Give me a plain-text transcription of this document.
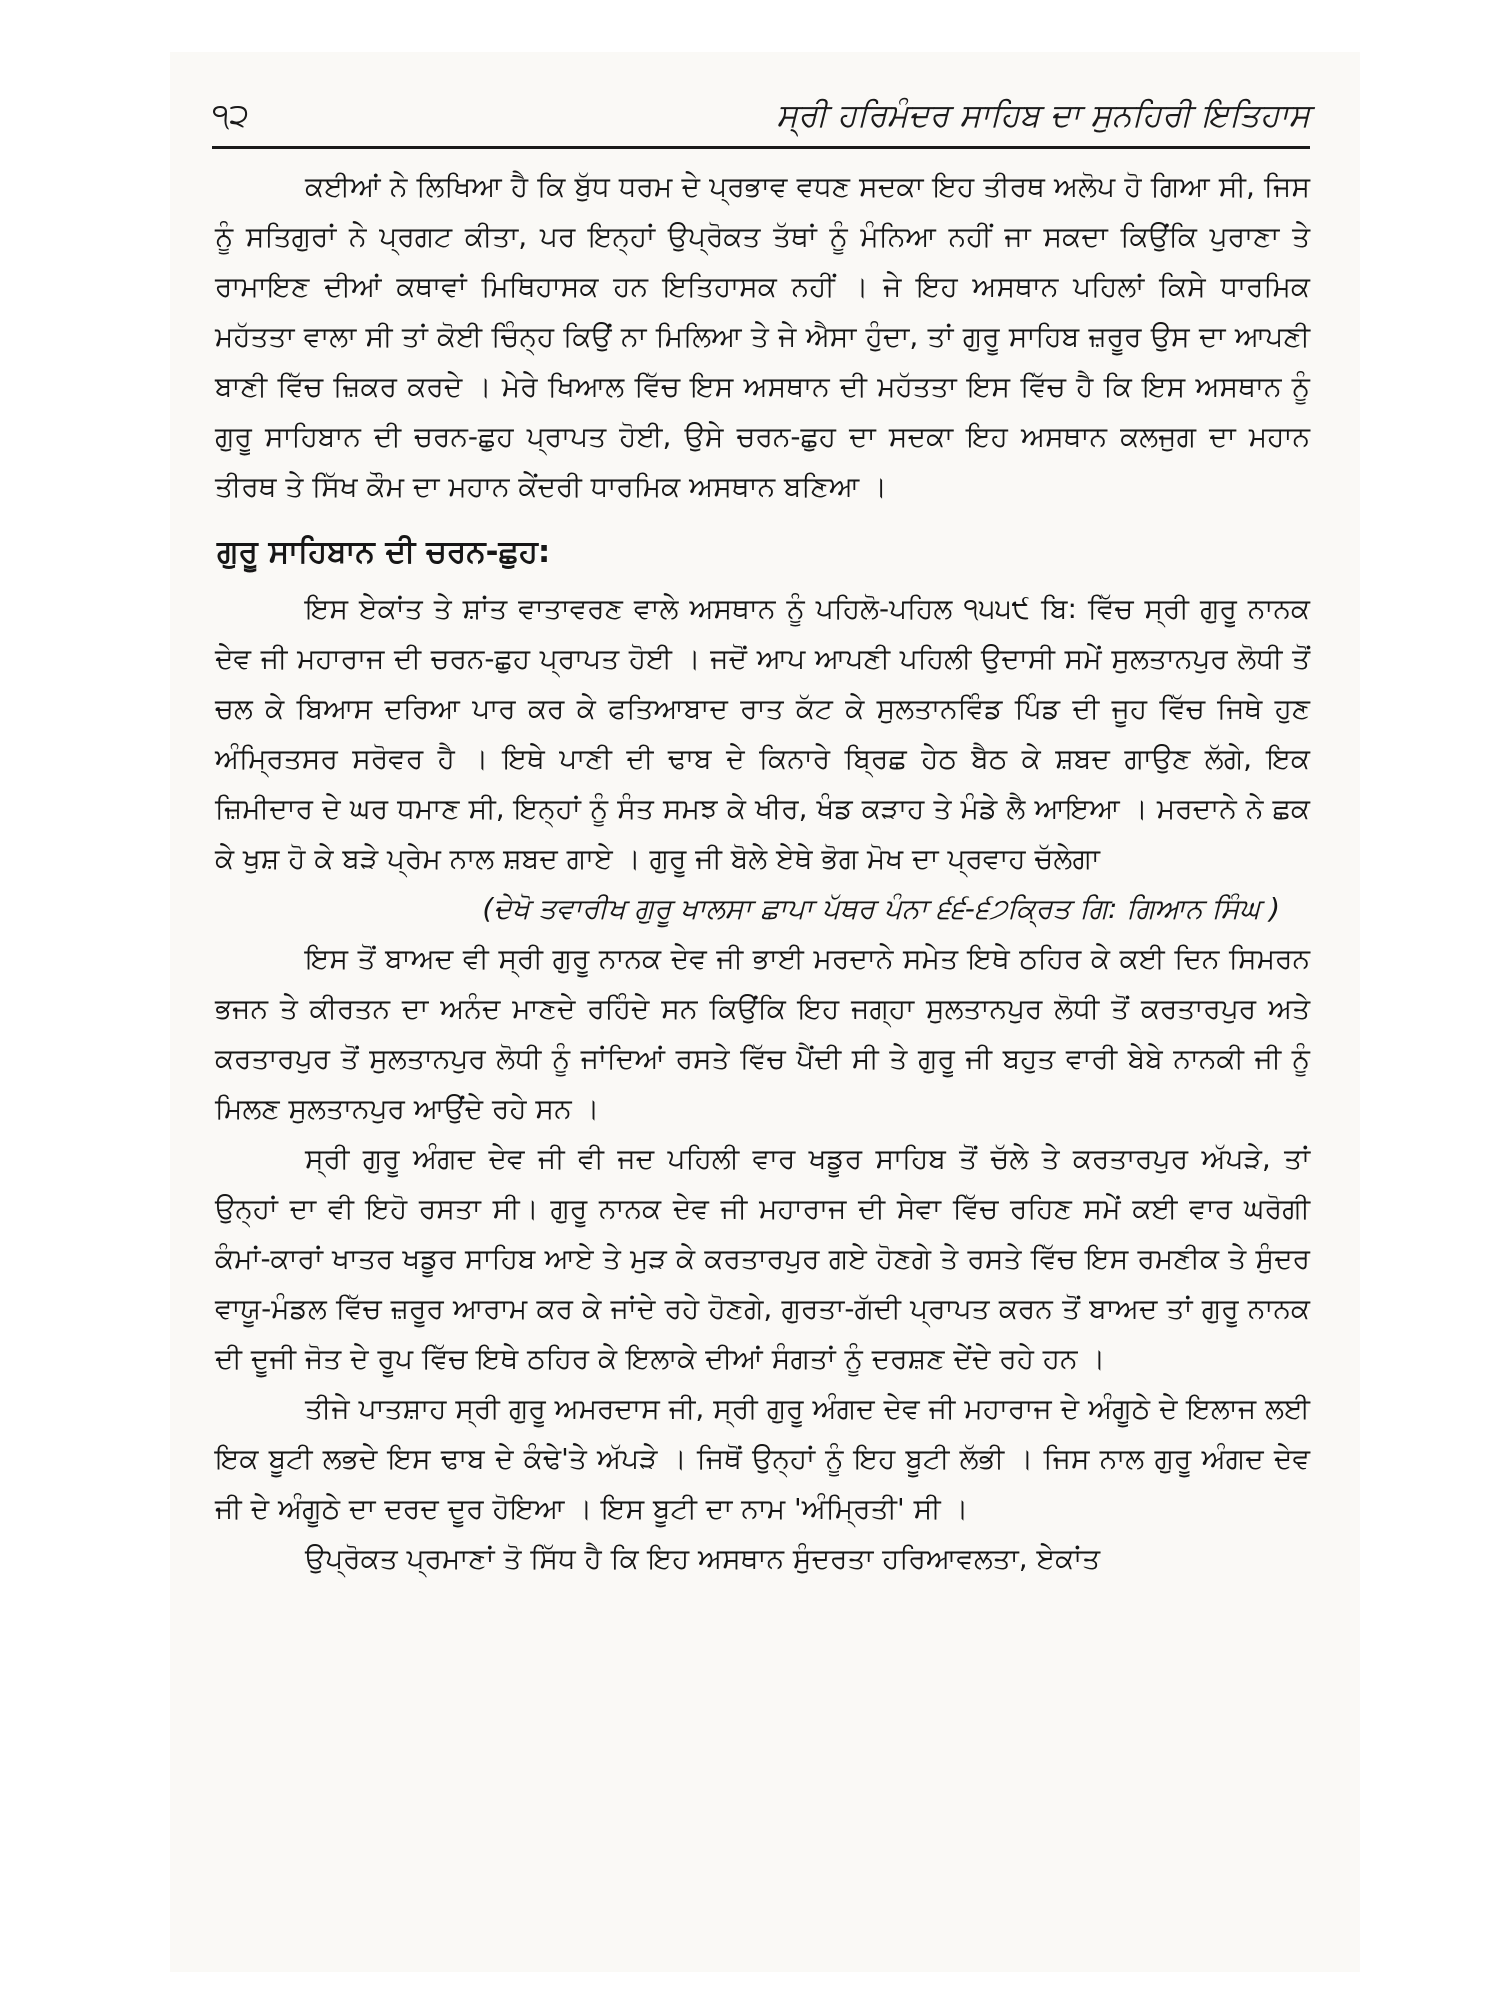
੧੨	ਸ੍ਰੀ ਹਰਿਮੰਦਰ ਸਾਹਿਬ ਦਾ ਸੁਨਹਿਰੀ ਇਤਿਹਾਸ

ਕਈਆਂ ਨੇ ਲਿਖਿਆ ਹੈ ਕਿ ਬੁੱਧ ਧਰਮ ਦੇ ਪ੍ਰਭਾਵ ਵਧਣ ਸਦਕਾ ਇਹ ਤੀਰਥ ਅਲੋਪ ਹੋ ਗਿਆ ਸੀ, ਜਿਸ ਨੂੰ ਸਤਿਗੁਰਾਂ ਨੇ ਪ੍ਰਗਟ ਕੀਤਾ, ਪਰ ਇਨ੍ਹਾਂ ਉਪ੍ਰੋਕਤ ਤੱਥਾਂ ਨੂੰ ਮੰਨਿਆ ਨਹੀਂ ਜਾ ਸਕਦਾ ਕਿਉਂਕਿ ਪੁਰਾਣਾ ਤੇ ਰਾਮਾਇਣ ਦੀਆਂ ਕਥਾਵਾਂ ਮਿਥਿਹਾਸਕ ਹਨ ਇਤਿਹਾਸਕ ਨਹੀਂ । ਜੇ ਇਹ ਅਸਥਾਨ ਪਹਿਲਾਂ ਕਿਸੇ ਧਾਰਮਿਕ ਮਹੱਤਤਾ ਵਾਲਾ ਸੀ ਤਾਂ ਕੋਈ ਚਿੰਨ੍ਹ ਕਿਉਂ ਨਾ ਮਿਲਿਆ ਤੇ ਜੇ ਐਸਾ ਹੁੰਦਾ, ਤਾਂ ਗੁਰੂ ਸਾਹਿਬ ਜ਼ਰੂਰ ਉਸ ਦਾ ਆਪਣੀ ਬਾਣੀ ਵਿੱਚ ਜ਼ਿਕਰ ਕਰਦੇ । ਮੇਰੇ ਖਿਆਲ ਵਿੱਚ ਇਸ ਅਸਥਾਨ ਦੀ ਮਹੱਤਤਾ ਇਸ ਵਿੱਚ ਹੈ ਕਿ ਇਸ ਅਸਥਾਨ ਨੂੰ ਗੁਰੂ ਸਾਹਿਬਾਨ ਦੀ ਚਰਨ-ਛੁਹ ਪ੍ਰਾਪਤ ਹੋਈ, ਉਸੇ ਚਰਨ-ਛੁਹ ਦਾ ਸਦਕਾ ਇਹ ਅਸਥਾਨ ਕਲਜੁਗ ਦਾ ਮਹਾਨ ਤੀਰਥ ਤੇ ਸਿੱਖ ਕੌਮ ਦਾ ਮਹਾਨ ਕੇਂਦਰੀ ਧਾਰਮਿਕ ਅਸਥਾਨ ਬਣਿਆ ।

ਗੁਰੂ ਸਾਹਿਬਾਨ ਦੀ ਚਰਨ-ਛੁਹ:

ਇਸ ਏਕਾਂਤ ਤੇ ਸ਼ਾਂਤ ਵਾਤਾਵਰਣ ਵਾਲੇ ਅਸਥਾਨ ਨੂੰ ਪਹਿਲੋ-ਪਹਿਲ ੧੫੫੯ ਬਿ: ਵਿੱਚ ਸ੍ਰੀ ਗੁਰੂ ਨਾਨਕ ਦੇਵ ਜੀ ਮਹਾਰਾਜ ਦੀ ਚਰਨ-ਛੁਹ ਪ੍ਰਾਪਤ ਹੋਈ । ਜਦੋਂ ਆਪ ਆਪਣੀ ਪਹਿਲੀ ਉਦਾਸੀ ਸਮੇਂ ਸੁਲਤਾਨਪੁਰ ਲੋਧੀ ਤੋਂ ਚਲ ਕੇ ਬਿਆਸ ਦਰਿਆ ਪਾਰ ਕਰ ਕੇ ਫਤਿਆਬਾਦ ਰਾਤ ਕੱਟ ਕੇ ਸੁਲਤਾਨਵਿੰਡ ਪਿੰਡ ਦੀ ਜੂਹ ਵਿੱਚ ਜਿਥੇ ਹੁਣ ਅੰਮ੍ਰਿਤਸਰ ਸਰੋਵਰ ਹੈ । ਇਥੇ ਪਾਣੀ ਦੀ ਢਾਬ ਦੇ ਕਿਨਾਰੇ ਬ੍ਰਿਛ ਹੇਠ ਬੈਠ ਕੇ ਸ਼ਬਦ ਗਾਉਣ ਲੱਗੇ, ਇਕ ਜ਼ਿਮੀਦਾਰ ਦੇ ਘਰ ਧਮਾਣ ਸੀ, ਇਨ੍ਹਾਂ ਨੂੰ ਸੰਤ ਸਮਝ ਕੇ ਖੀਰ, ਖੰਡ ਕੜਾਹ ਤੇ ਮੰਡੇ ਲੈ ਆਇਆ । ਮਰਦਾਨੇ ਨੇ ਛਕ ਕੇ ਖੁਸ਼ ਹੋ ਕੇ ਬੜੇ ਪ੍ਰੇਮ ਨਾਲ ਸ਼ਬਦ ਗਾਏ । ਗੁਰੂ ਜੀ ਬੋਲੇ ਏਥੇ ਭੋਗ ਮੋਖ ਦਾ ਪ੍ਰਵਾਹ ਚੱਲੇਗਾ

(ਦੇਖੋ ਤਵਾਰੀਖ ਗੁਰੂ ਖਾਲਸਾ ਛਾਪਾ ਪੱਥਰ ਪੰਨਾ ੬੬-੬੭ਕ੍ਰਿਤ ਗਿ: ਗਿਆਨ ਸਿੰਘ )

ਇਸ ਤੋਂ ਬਾਅਦ ਵੀ ਸ੍ਰੀ ਗੁਰੂ ਨਾਨਕ ਦੇਵ ਜੀ ਭਾਈ ਮਰਦਾਨੇ ਸਮੇਤ ਇਥੇ ਠਹਿਰ ਕੇ ਕਈ ਦਿਨ ਸਿਮਰਨ ਭਜਨ ਤੇ ਕੀਰਤਨ ਦਾ ਅਨੰਦ ਮਾਣਦੇ ਰਹਿੰਦੇ ਸਨ ਕਿਉਂਕਿ ਇਹ ਜਗ੍ਹਾ ਸੁਲਤਾਨਪੁਰ ਲੋਧੀ ਤੋਂ ਕਰਤਾਰਪੁਰ ਅਤੇ ਕਰਤਾਰਪੁਰ ਤੋਂ ਸੁਲਤਾਨਪੁਰ ਲੋਧੀ ਨੂੰ ਜਾਂਦਿਆਂ ਰਸਤੇ ਵਿੱਚ ਪੈਂਦੀ ਸੀ ਤੇ ਗੁਰੂ ਜੀ ਬਹੁਤ ਵਾਰੀ ਬੇਬੇ ਨਾਨਕੀ ਜੀ ਨੂੰ ਮਿਲਣ ਸੁਲਤਾਨਪੁਰ ਆਉਂਦੇ ਰਹੇ ਸਨ ।

ਸ੍ਰੀ ਗੁਰੂ ਅੰਗਦ ਦੇਵ ਜੀ ਵੀ ਜਦ ਪਹਿਲੀ ਵਾਰ ਖਡੂਰ ਸਾਹਿਬ ਤੋਂ ਚੱਲੇ ਤੇ ਕਰਤਾਰਪੁਰ ਅੱਪੜੇ, ਤਾਂ ਉਨ੍ਹਾਂ ਦਾ ਵੀ ਇਹੋ ਰਸਤਾ ਸੀ। ਗੁਰੂ ਨਾਨਕ ਦੇਵ ਜੀ ਮਹਾਰਾਜ ਦੀ ਸੇਵਾ ਵਿੱਚ ਰਹਿਣ ਸਮੇਂ ਕਈ ਵਾਰ ਘਰੋਗੀ ਕੰਮਾਂ-ਕਾਰਾਂ ਖਾਤਰ ਖਡੂਰ ਸਾਹਿਬ ਆਏ ਤੇ ਮੁੜ ਕੇ ਕਰਤਾਰਪੁਰ ਗਏ ਹੋਣਗੇ ਤੇ ਰਸਤੇ ਵਿੱਚ ਇਸ ਰਮਣੀਕ ਤੇ ਸੁੰਦਰ ਵਾਯੂ-ਮੰਡਲ ਵਿੱਚ ਜ਼ਰੂਰ ਆਰਾਮ ਕਰ ਕੇ ਜਾਂਦੇ ਰਹੇ ਹੋਣਗੇ, ਗੁਰਤਾ-ਗੱਦੀ ਪ੍ਰਾਪਤ ਕਰਨ ਤੋਂ ਬਾਅਦ ਤਾਂ ਗੁਰੂ ਨਾਨਕ ਦੀ ਦੂਜੀ ਜੋਤ ਦੇ ਰੂਪ ਵਿੱਚ ਇਥੇ ਠਹਿਰ ਕੇ ਇਲਾਕੇ ਦੀਆਂ ਸੰਗਤਾਂ ਨੂੰ ਦਰਸ਼ਣ ਦੇਂਦੇ ਰਹੇ ਹਨ ।

ਤੀਜੇ ਪਾਤਸ਼ਾਹ ਸ੍ਰੀ ਗੁਰੂ ਅਮਰਦਾਸ ਜੀ, ਸ੍ਰੀ ਗੁਰੂ ਅੰਗਦ ਦੇਵ ਜੀ ਮਹਾਰਾਜ ਦੇ ਅੰਗੂਠੇ ਦੇ ਇਲਾਜ ਲਈ ਇਕ ਬੂਟੀ ਲਭਦੇ ਇਸ ਢਾਬ ਦੇ ਕੰਢੇ'ਤੇ ਅੱਪੜੇ । ਜਿਥੋਂ ਉਨ੍ਹਾਂ ਨੂੰ ਇਹ ਬੂਟੀ ਲੱਭੀ । ਜਿਸ ਨਾਲ ਗੁਰੂ ਅੰਗਦ ਦੇਵ ਜੀ ਦੇ ਅੰਗੂਠੇ ਦਾ ਦਰਦ ਦੂਰ ਹੋਇਆ । ਇਸ ਬੂਟੀ ਦਾ ਨਾਮ 'ਅੰਮ੍ਰਿਤੀ' ਸੀ ।

ਉਪ੍ਰੋਕਤ ਪ੍ਰਮਾਣਾਂ ਤੋ ਸਿੱਧ ਹੈ ਕਿ ਇਹ ਅਸਥਾਨ ਸੁੰਦਰਤਾ ਹਰਿਆਵਲਤਾ, ਏਕਾਂਤ
